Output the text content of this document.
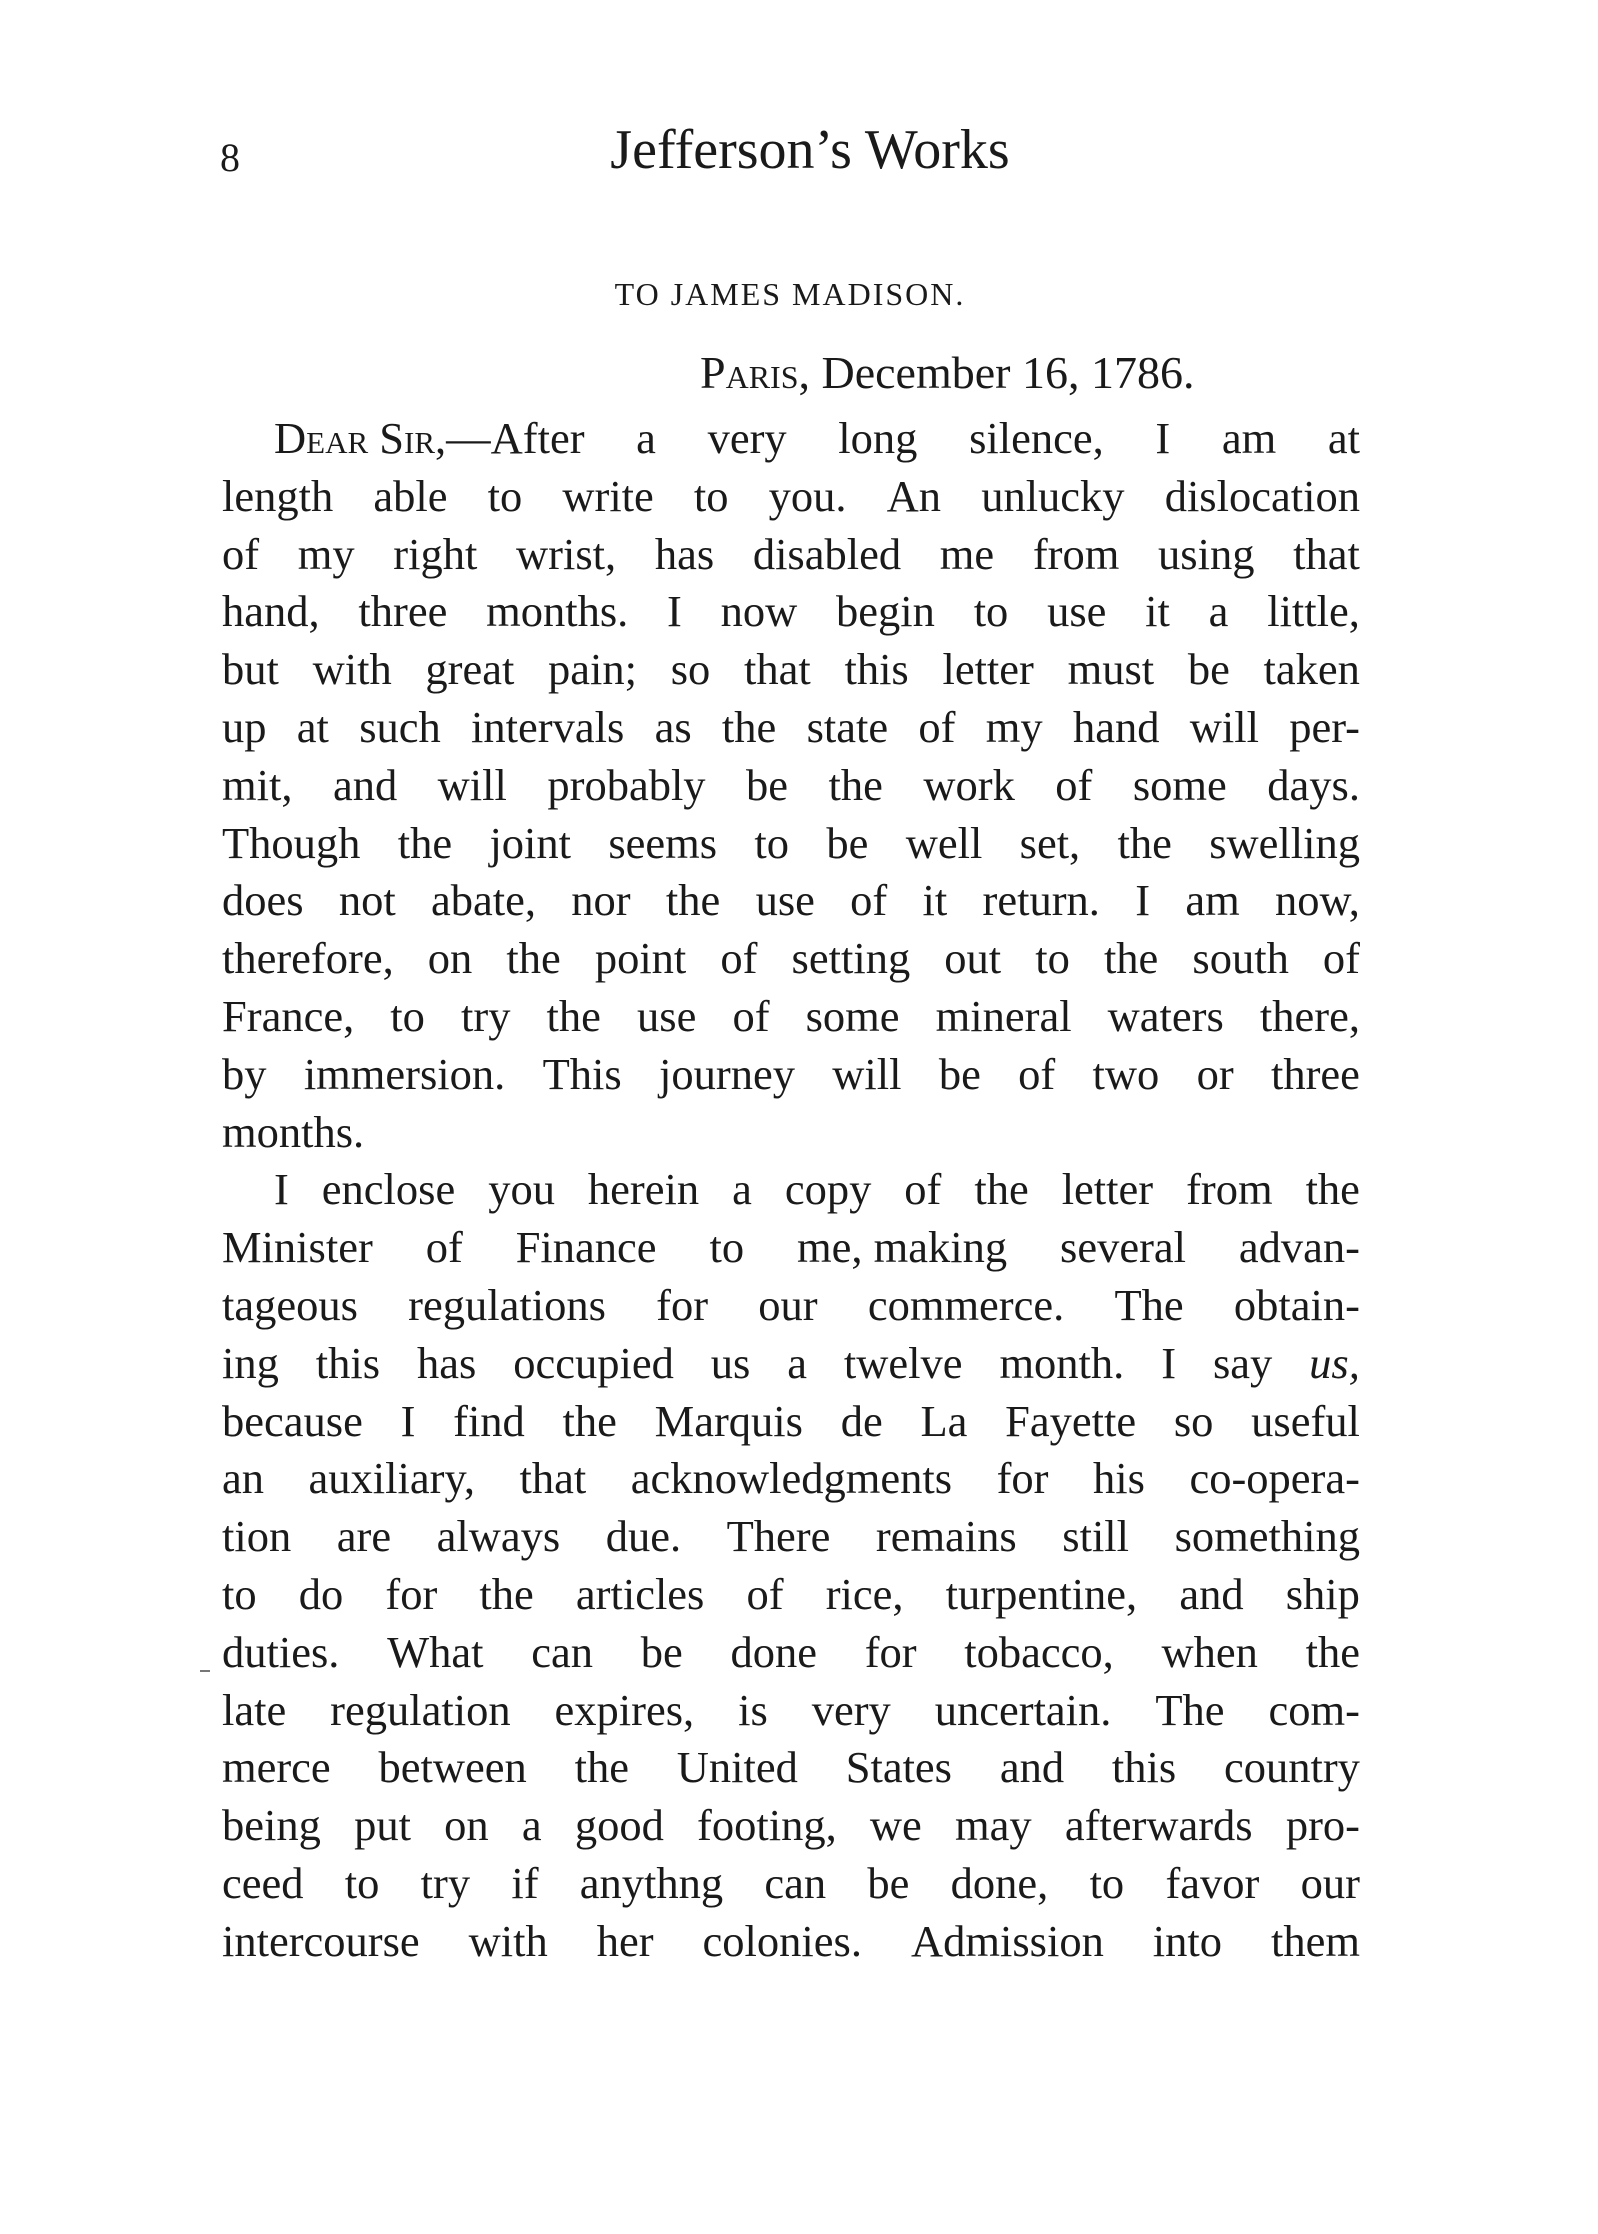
8	Jefferson’s Works
TO JAMES MADISON.
Paris, December 16, 1786.
Dear Sir,—After a very long silence, I am at
length able to write to you. An unlucky dislocation
of my right wrist, has disabled me from using that
hand, three months. I now begin to use it a little,
but with great pain; so that this letter must be taken
up at such intervals as the state of my hand will per-
mit, and will probably be the work of some days.
Though the joint seems to be well set, the swelling
does not abate, nor the use of it return. I am now,
therefore, on the point of setting out to the south of
France, to try the use of some mineral waters there,
by immersion. This journey will be of two or three
months.
I enclose you herein a copy of the letter from the
Minister of Finance to me, making several advan-
tageous regulations for our commerce. The obtain-
ing this has occupied us a twelve month. I say us,
because I find the Marquis de La Fayette so useful
an auxiliary, that acknowledgments for his co-opera-
tion are always due. There remains still something
to do for the articles of rice, turpentine, and ship
duties. What can be done for tobacco, when the
late regulation expires, is very uncertain. The com-
merce between the United States and this country
being put on a good footing, we may afterwards pro-
ceed to try if anythng can be done, to favor our
intercourse with her colonies. Admission into them
